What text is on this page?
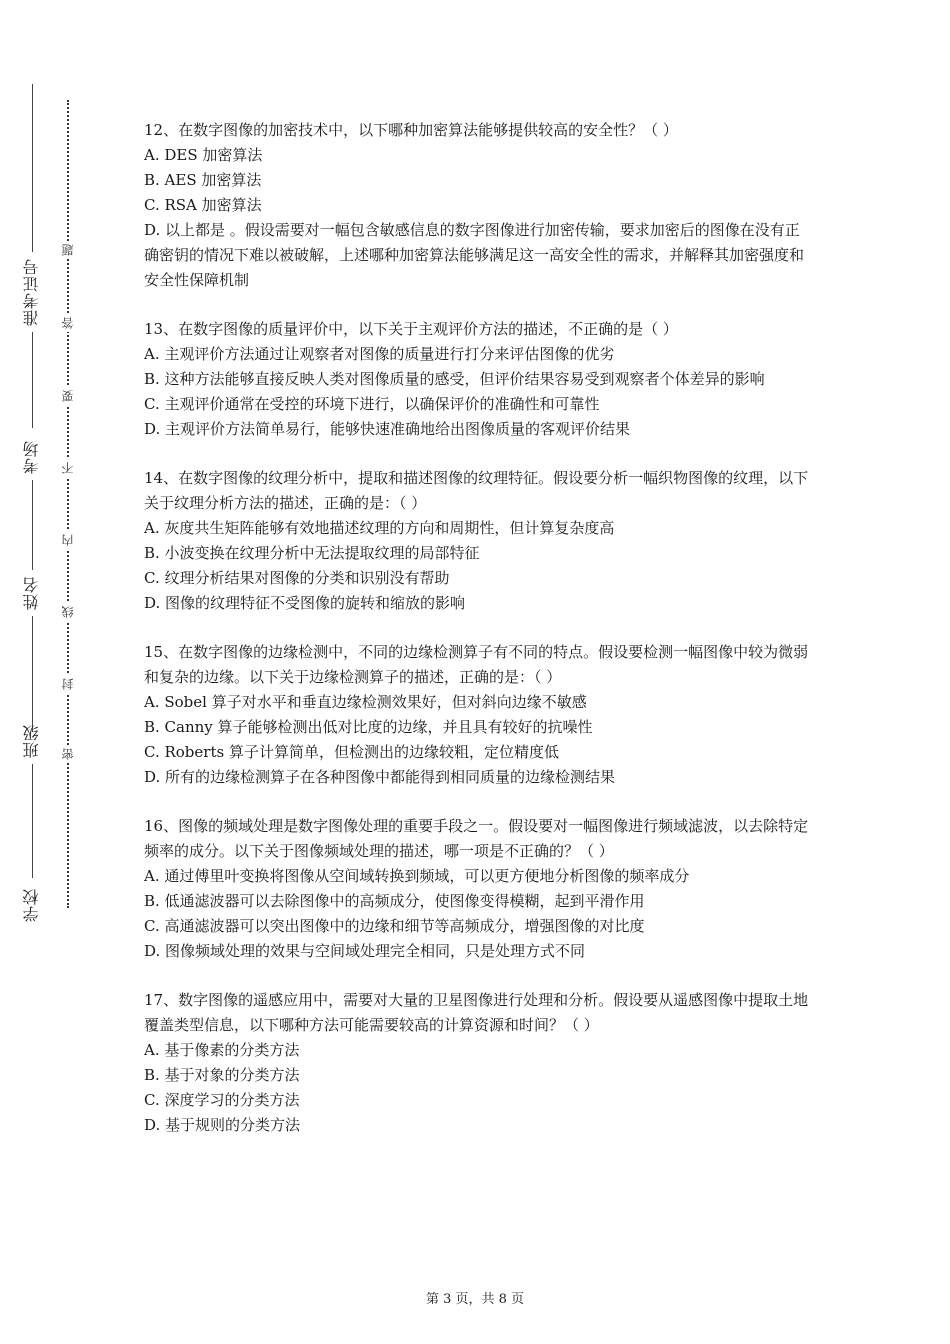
准考证号
考场
姓名
班级
学校
题
答
要
不
内
线
封
密

12、在数字图像的加密技术中，以下哪种加密算法能够提供较高的安全性？（ ）

A. DES 加密算法

B. AES 加密算法

C. RSA 加密算法

D. 以上都是 。假设需要对一幅包含敏感信息的数字图像进行加密传输，要求加密后的图像在没有正确密钥的情况下难以被破解，上述哪种加密算法能够满足这一高安全性的需求，并解释其加密强度和安全性保障机制

13、在数字图像的质量评价中，以下关于主观评价方法的描述，不正确的是（ ）

A. 主观评价方法通过让观察者对图像的质量进行打分来评估图像的优劣

B. 这种方法能够直接反映人类对图像质量的感受，但评价结果容易受到观察者个体差异的影响

C. 主观评价通常在受控的环境下进行，以确保评价的准确性和可靠性

D. 主观评价方法简单易行，能够快速准确地给出图像质量的客观评价结果

14、在数字图像的纹理分析中，提取和描述图像的纹理特征。假设要分析一幅织物图像的纹理，以下关于纹理分析方法的描述，正确的是：（ ）

A. 灰度共生矩阵能够有效地描述纹理的方向和周期性，但计算复杂度高

B. 小波变换在纹理分析中无法提取纹理的局部特征

C. 纹理分析结果对图像的分类和识别没有帮助

D. 图像的纹理特征不受图像的旋转和缩放的影响

15、在数字图像的边缘检测中，不同的边缘检测算子有不同的特点。假设要检测一幅图像中较为微弱和复杂的边缘。以下关于边缘检测算子的描述，正确的是：（ ）

A. Sobel 算子对水平和垂直边缘检测效果好，但对斜向边缘不敏感

B. Canny 算子能够检测出低对比度的边缘，并且具有较好的抗噪性

C. Roberts 算子计算简单，但检测出的边缘较粗，定位精度低

D. 所有的边缘检测算子在各种图像中都能得到相同质量的边缘检测结果

16、图像的频域处理是数字图像处理的重要手段之一。假设要对一幅图像进行频域滤波，以去除特定频率的成分。以下关于图像频域处理的描述，哪一项是不正确的？（ ）

A. 通过傅里叶变换将图像从空间域转换到频域，可以更方便地分析图像的频率成分

B. 低通滤波器可以去除图像中的高频成分，使图像变得模糊，起到平滑作用

C. 高通滤波器可以突出图像中的边缘和细节等高频成分，增强图像的对比度

D. 图像频域处理的效果与空间域处理完全相同，只是处理方式不同

17、数字图像的遥感应用中，需要对大量的卫星图像进行处理和分析。假设要从遥感图像中提取土地覆盖类型信息，以下哪种方法可能需要较高的计算资源和时间？（ ）

A. 基于像素的分类方法

B. 基于对象的分类方法

C. 深度学习的分类方法

D. 基于规则的分类方法

第 3 页，共 8 页
